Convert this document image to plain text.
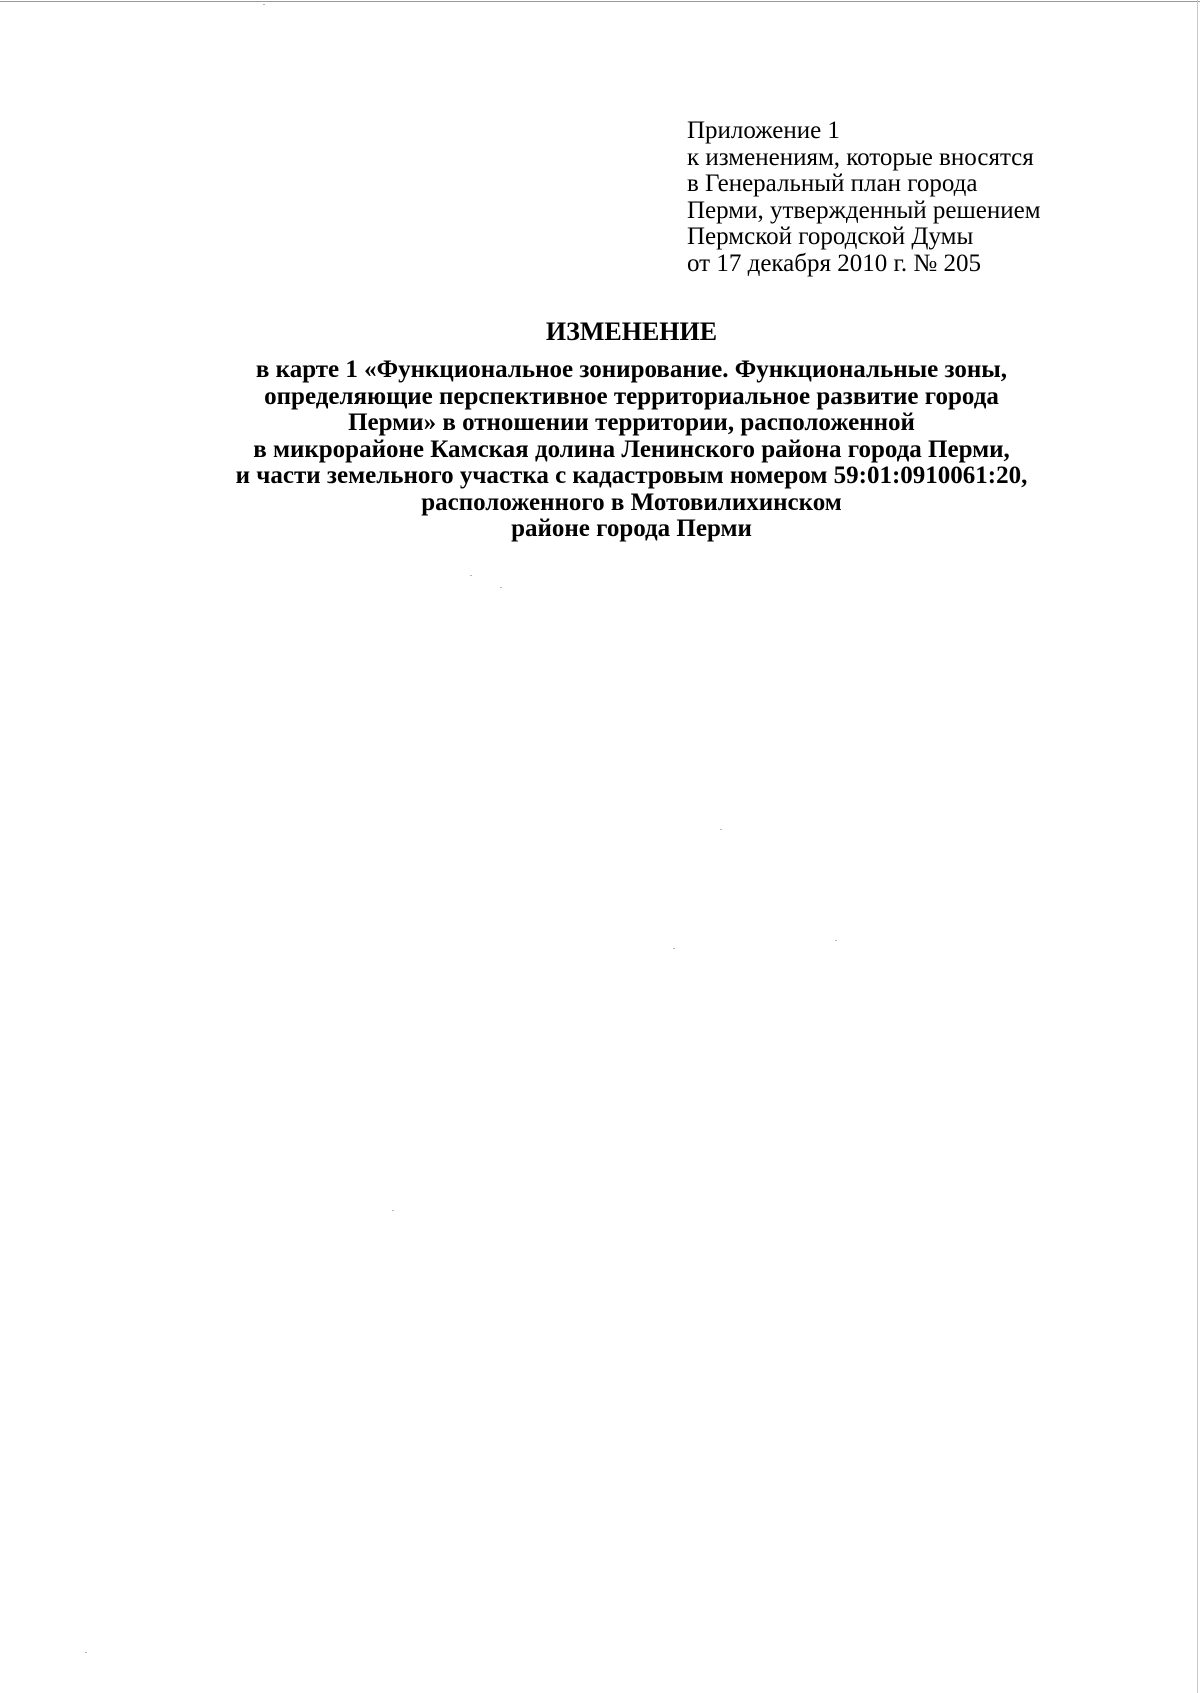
Приложение 1
к изменениям, которые вносятся
в Генеральный план города
Перми, утвержденный решением
Пермской городской Думы
от 17 декабря 2010 г. № 205
ИЗМЕНЕНИЕ
в карте 1 «Функциональное зонирование. Функциональные зоны,
определяющие перспективное территориальное развитие города
Перми» в отношении территории, расположенной
в микрорайоне Камская долина Ленинского района города Перми,
и части земельного участка с кадастровым номером 59:01:0910061:20,
расположенного в Мотовилихинском
районе города Перми
